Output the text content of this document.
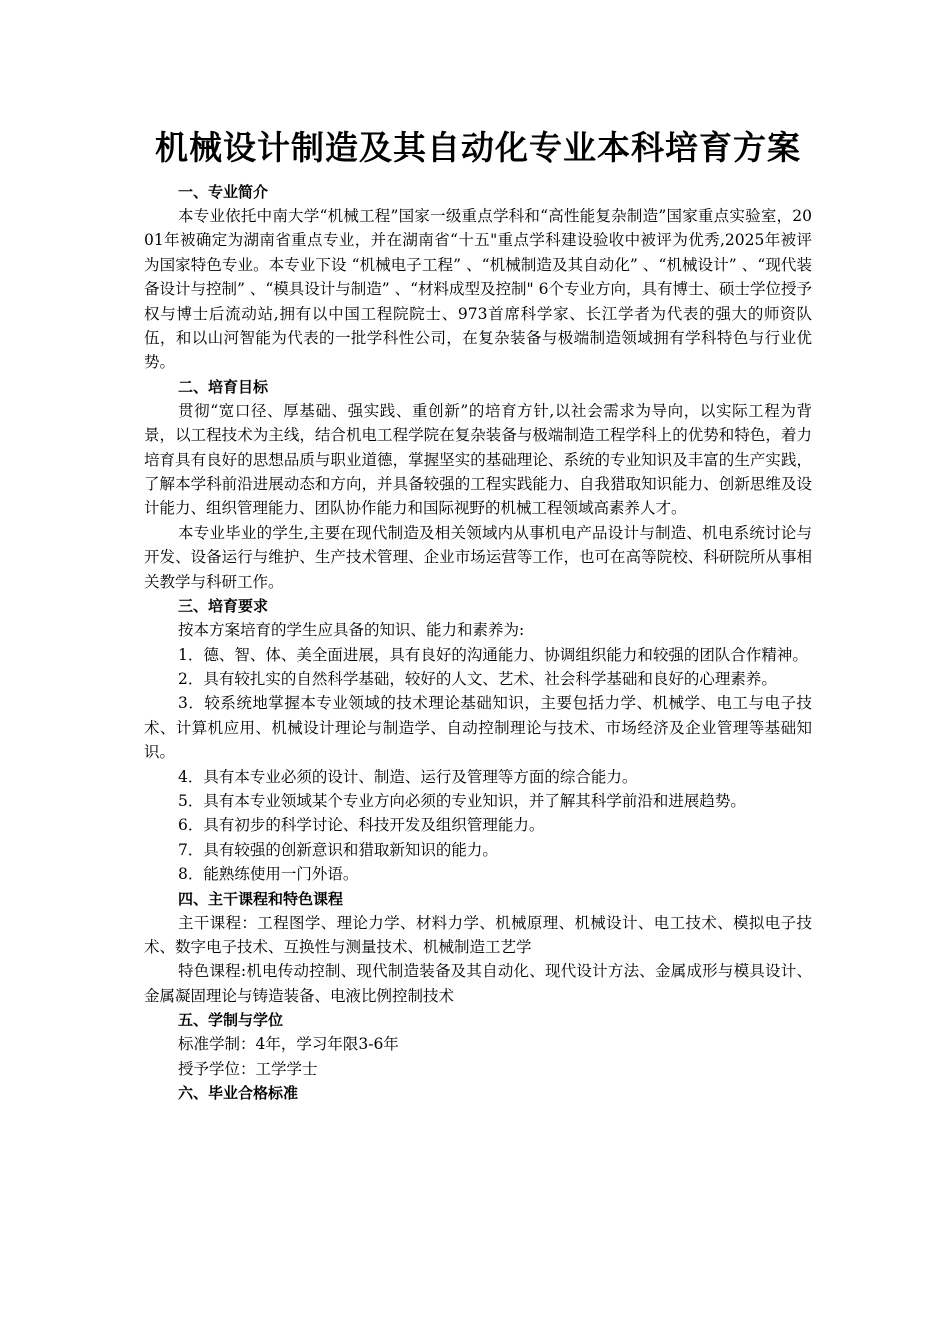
机械设计制造及其自动化专业本科培育方案

一、专业简介

本专业依托中南大学“机械工程”国家一级重点学科和“高性能复杂制造”国家重点实验室，2001年被确定为湖南省重点专业，并在湖南省“十五"重点学科建设验收中被评为优秀,2025年被评为国家特色专业。本专业下设 “机械电子工程” 、“机械制造及其自动化” 、“机械设计” 、“现代装备设计与控制” 、“模具设计与制造” 、“材料成型及控制" 6个专业方向，具有博士、硕士学位授予权与博士后流动站,拥有以中国工程院院士、973首席科学家、长江学者为代表的强大的师资队伍，和以山河智能为代表的一批学科性公司，在复杂装备与极端制造领域拥有学科特色与行业优势。

二、培育目标

贯彻“宽口径、厚基础、强实践、重创新”的培育方针,以社会需求为导向，以实际工程为背景，以工程技术为主线，结合机电工程学院在复杂装备与极端制造工程学科上的优势和特色，着力培育具有良好的思想品质与职业道德，掌握坚实的基础理论、系统的专业知识及丰富的生产实践，了解本学科前沿进展动态和方向，并具备较强的工程实践能力、自我猎取知识能力、创新思维及设计能力、组织管理能力、团队协作能力和国际视野的机械工程领域高素养人才。

本专业毕业的学生,主要在现代制造及相关领域内从事机电产品设计与制造、机电系统讨论与开发、设备运行与维护、生产技术管理、企业市场运营等工作，也可在高等院校、科研院所从事相关教学与科研工作。

三、培育要求

按本方案培育的学生应具备的知识、能力和素养为:

1．德、智、体、美全面进展，具有良好的沟通能力、协调组织能力和较强的团队合作精神。

2．具有较扎实的自然科学基础，较好的人文、艺术、社会科学基础和良好的心理素养。

3．较系统地掌握本专业领域的技术理论基础知识，主要包括力学、机械学、电工与电子技术、计算机应用、机械设计理论与制造学、自动控制理论与技术、市场经济及企业管理等基础知识。

4．具有本专业必须的设计、制造、运行及管理等方面的综合能力。

5．具有本专业领域某个专业方向必须的专业知识，并了解其科学前沿和进展趋势。

6．具有初步的科学讨论、科技开发及组织管理能力。

7．具有较强的创新意识和猎取新知识的能力。

8．能熟练使用一门外语。

四、主干课程和特色课程

主干课程：工程图学、理论力学、材料力学、机械原理、机械设计、电工技术、模拟电子技术、数字电子技术、互换性与测量技术、机械制造工艺学

特色课程:机电传动控制、现代制造装备及其自动化、现代设计方法、金属成形与模具设计、金属凝固理论与铸造装备、电液比例控制技术

五、学制与学位

标准学制：4年，学习年限3-6年

授予学位：工学学士

六、毕业合格标准
